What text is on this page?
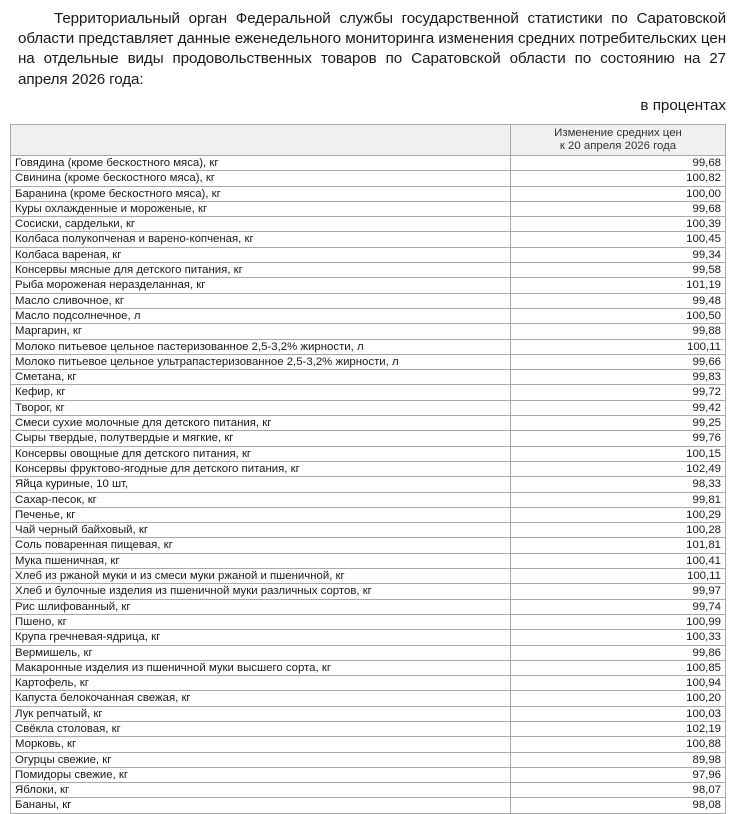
Территориальный орган Федеральной службы государственной статистики по Саратовской области представляет данные еженедельного мониторинга изменения средних потребительских цен на отдельные виды продовольственных товаров по Саратовской области по состоянию на 27 апреля 2026 года:
в процентах

	Изменение средних цен
к 20 апреля 2026 года

Говядина (кроме бескостного мяса), кг	99,68
Свинина (кроме бескостного мяса), кг	100,82
Баранина (кроме бескостного мяса), кг	100,00
Куры охлажденные и мороженые, кг	99,68
Сосиски, сардельки, кг	100,39
Колбаса полукопченая и варено-копченая, кг	100,45
Колбаса вареная, кг	99,34
Консервы мясные для детского питания, кг	99,58
Рыба мороженая неразделанная, кг	101,19
Масло сливочное, кг	99,48
Масло подсолнечное, л	100,50
Маргарин, кг	99,88
Молоко питьевое цельное пастеризованное 2,5-3,2% жирности, л	100,11
Молоко питьевое цельное ультрапастеризованное 2,5-3,2% жирности, л	99,66
Сметана, кг	99,83
Кефир, кг	99,72
Творог, кг	99,42
Смеси сухие молочные для детского питания, кг	99,25
Сыры твердые, полутвердые и мягкие, кг	99,76
Консервы овощные для детского питания, кг	100,15
Консервы фруктово-ягодные для детского питания, кг	102,49
Яйца куриные, 10 шт,	98,33
Сахар-песок, кг	99,81
Печенье, кг	100,29
Чай черный байховый, кг	100,28
Соль поваренная пищевая, кг	101,81
Мука пшеничная, кг	100,41
Хлеб из ржаной муки и из смеси муки ржаной и пшеничной, кг	100,11
Хлеб и булочные изделия из пшеничной муки различных сортов, кг	99,97
Рис шлифованный, кг	99,74
Пшено, кг	100,99
Крупа гречневая-ядрица, кг	100,33
Вермишель, кг	99,86
Макаронные изделия из пшеничной муки высшего сорта, кг	100,85
Картофель, кг	100,94
Капуста белокочанная свежая, кг	100,20
Лук репчатый, кг	100,03
Свёкла столовая, кг	102,19
Морковь, кг	100,88
Огурцы свежие, кг	89,98
Помидоры свежие, кг	97,96
Яблоки, кг	98,07
Бананы, кг	98,08
